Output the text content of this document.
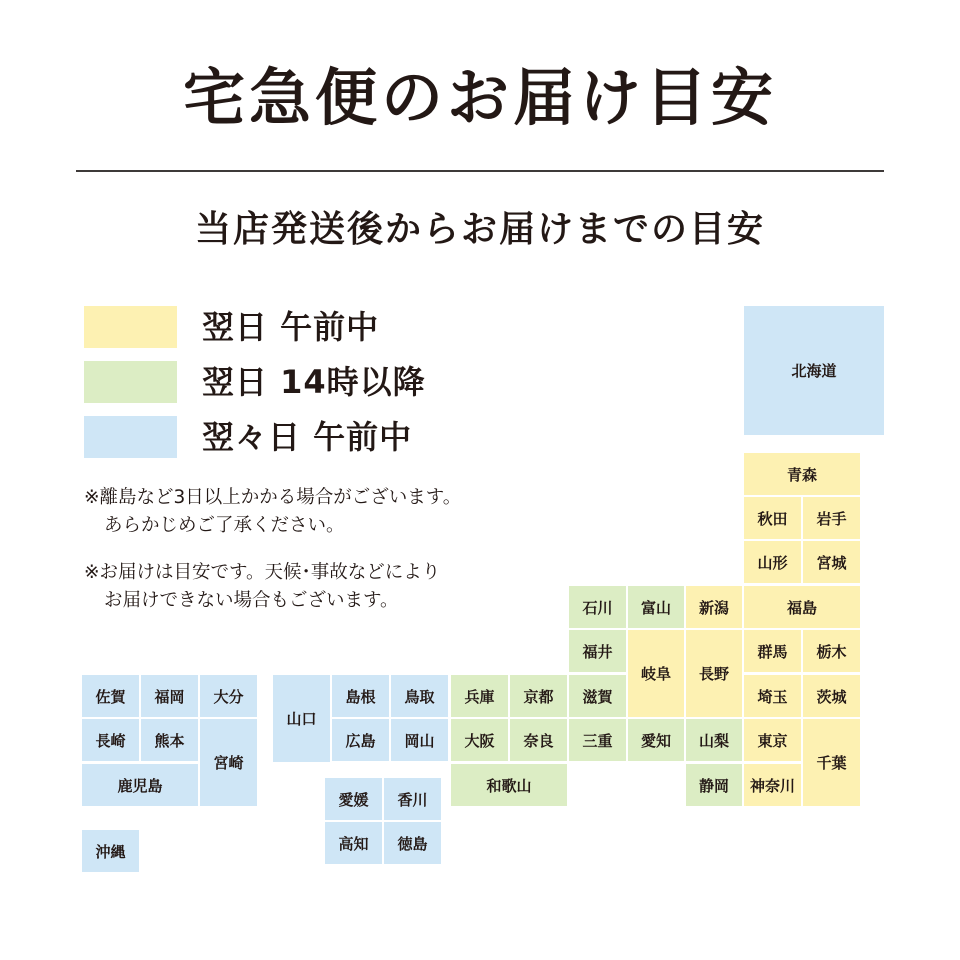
宅急便のお届け目安
当店発送後からお届けまでの目安
翌日 午前中
翌日 14時以降
翌々日 午前中
※離島など3日以上かかる場合がございます。
あらかじめご了承ください。
※お届けは目安です。天候･事故などにより
お届けできない場合もございます。
北海道
青森
秋田	岩手
山形	宮城
石川	富山	新潟	福島
福井
岐阜	長野
群馬	栃木
滋賀	埼玉	茨城
佐賀	福岡	大分
山口
島根	鳥取	兵庫	京都
長崎	熊本
宮崎
広島	岡山	大阪	奈良	三重	愛知	山梨	東京
千葉
鹿児島	和歌山	静岡	神奈川
愛媛	香川
高知	徳島
沖縄
